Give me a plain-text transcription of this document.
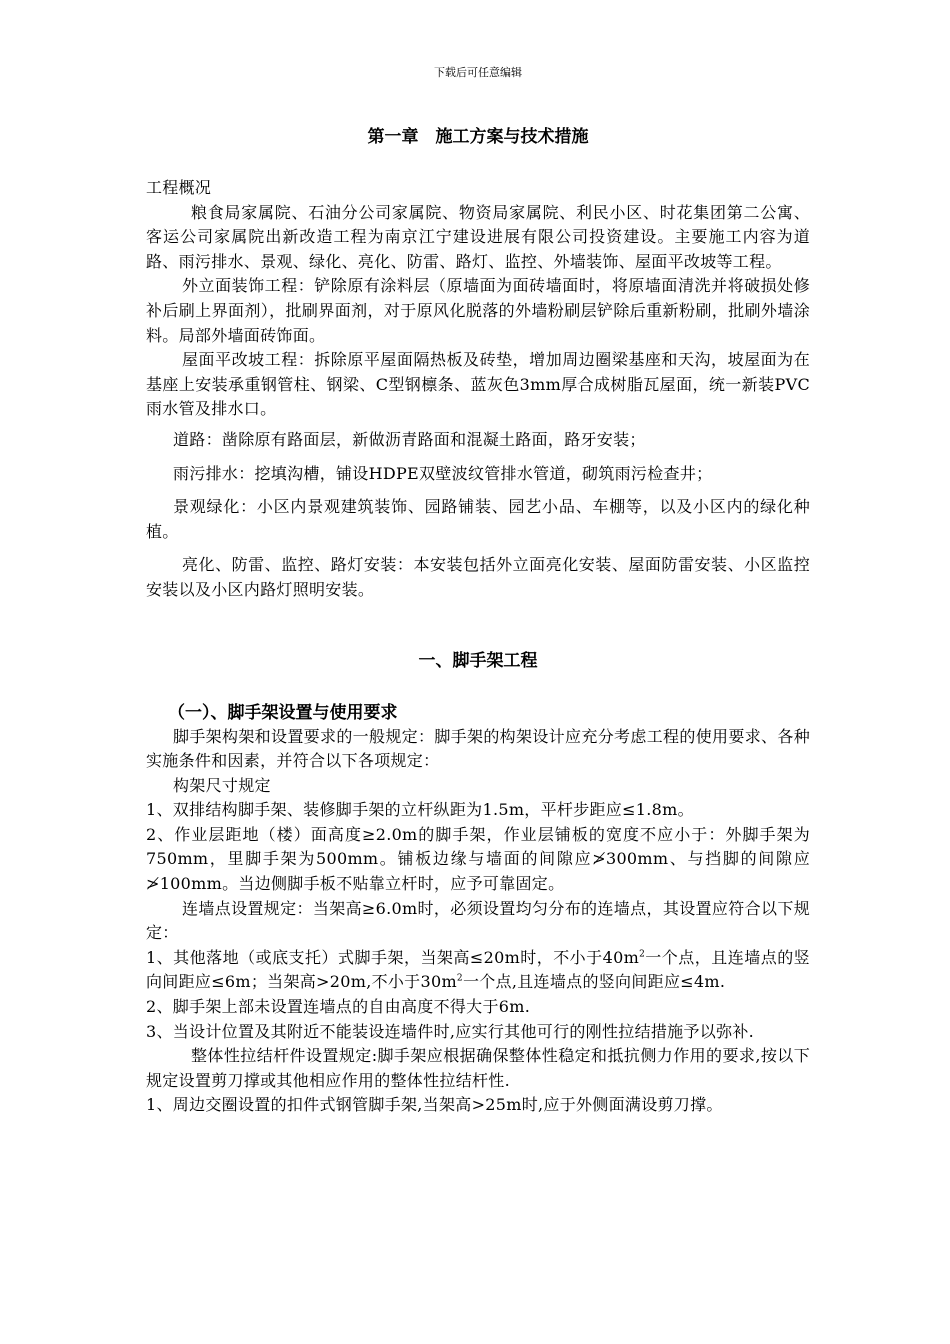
下载后可任意编辑
第一章　施工方案与技术措施

工程概况

粮食局家属院、石油分公司家属院、物资局家属院、利民小区、时花集团第二公寓、客运公司家属院出新改造工程为南京江宁建设进展有限公司投资建设。主要施工内容为道路、雨污排水、景观、绿化、亮化、防雷、路灯、监控、外墙装饰、屋面平改坡等工程。

外立面装饰工程：铲除原有涂料层（原墙面为面砖墙面时，将原墙面清洗并将破损处修补后刷上界面剂），批刷界面剂，对于原风化脱落的外墙粉刷层铲除后重新粉刷，批刷外墙涂料。局部外墙面砖饰面。

屋面平改坡工程：拆除原平屋面隔热板及砖垫，增加周边圈梁基座和天沟，坡屋面为在基座上安装承重钢管柱、钢梁、C型钢檩条、蓝灰色3mm厚合成树脂瓦屋面，统一新装PVC雨水管及排水口。

道路：凿除原有路面层，新做沥青路面和混凝土路面，路牙安装；

雨污排水：挖填沟槽，铺设HDPE双壁波纹管排水管道，砌筑雨污检查井；

景观绿化：小区内景观建筑装饰、园路铺装、园艺小品、车棚等，以及小区内的绿化种植。

亮化、防雷、监控、路灯安装：本安装包括外立面亮化安装、屋面防雷安装、小区监控安装以及小区内路灯照明安装。

一、脚手架工程
（一）、脚手架设置与使用要求

脚手架构架和设置要求的一般规定：脚手架的构架设计应充分考虑工程的使用要求、各种实施条件和因素，并符合以下各项规定：

构架尺寸规定

1、双排结构脚手架、装修脚手架的立杆纵距为1.5m，平杆步距应≤1.8m。

2、作业层距地（楼）面高度≥2.0m的脚手架，作业层铺板的宽度不应小于：外脚手架为750mm，里脚手架为500mm。铺板边缘与墙面的间隙应≯300mm、与挡脚的间隙应≯100mm。当边侧脚手板不贴靠立杆时，应予可靠固定。

连墙点设置规定：当架高≥6.0m时，必须设置均匀分布的连墙点，其设置应符合以下规定：

1、其他落地（或底支托）式脚手架，当架高≤20m时，不小于$40m^2$一个点，且连墙点的竖向间距应≤6m；当架高>20m,不小于$30m^2$一个点,且连墙点的竖向间距应≤4m.

2、脚手架上部未设置连墙点的自由高度不得大于6m.

3、当设计位置及其附近不能装设连墙件时,应实行其他可行的刚性拉结措施予以弥补.

整体性拉结杆件设置规定:脚手架应根据确保整体性稳定和抵抗侧力作用的要求,按以下规定设置剪刀撑或其他相应作用的整体性拉结杆性.

1、周边交圈设置的扣件式钢管脚手架,当架高>25m时,应于外侧面满设剪刀撑。
